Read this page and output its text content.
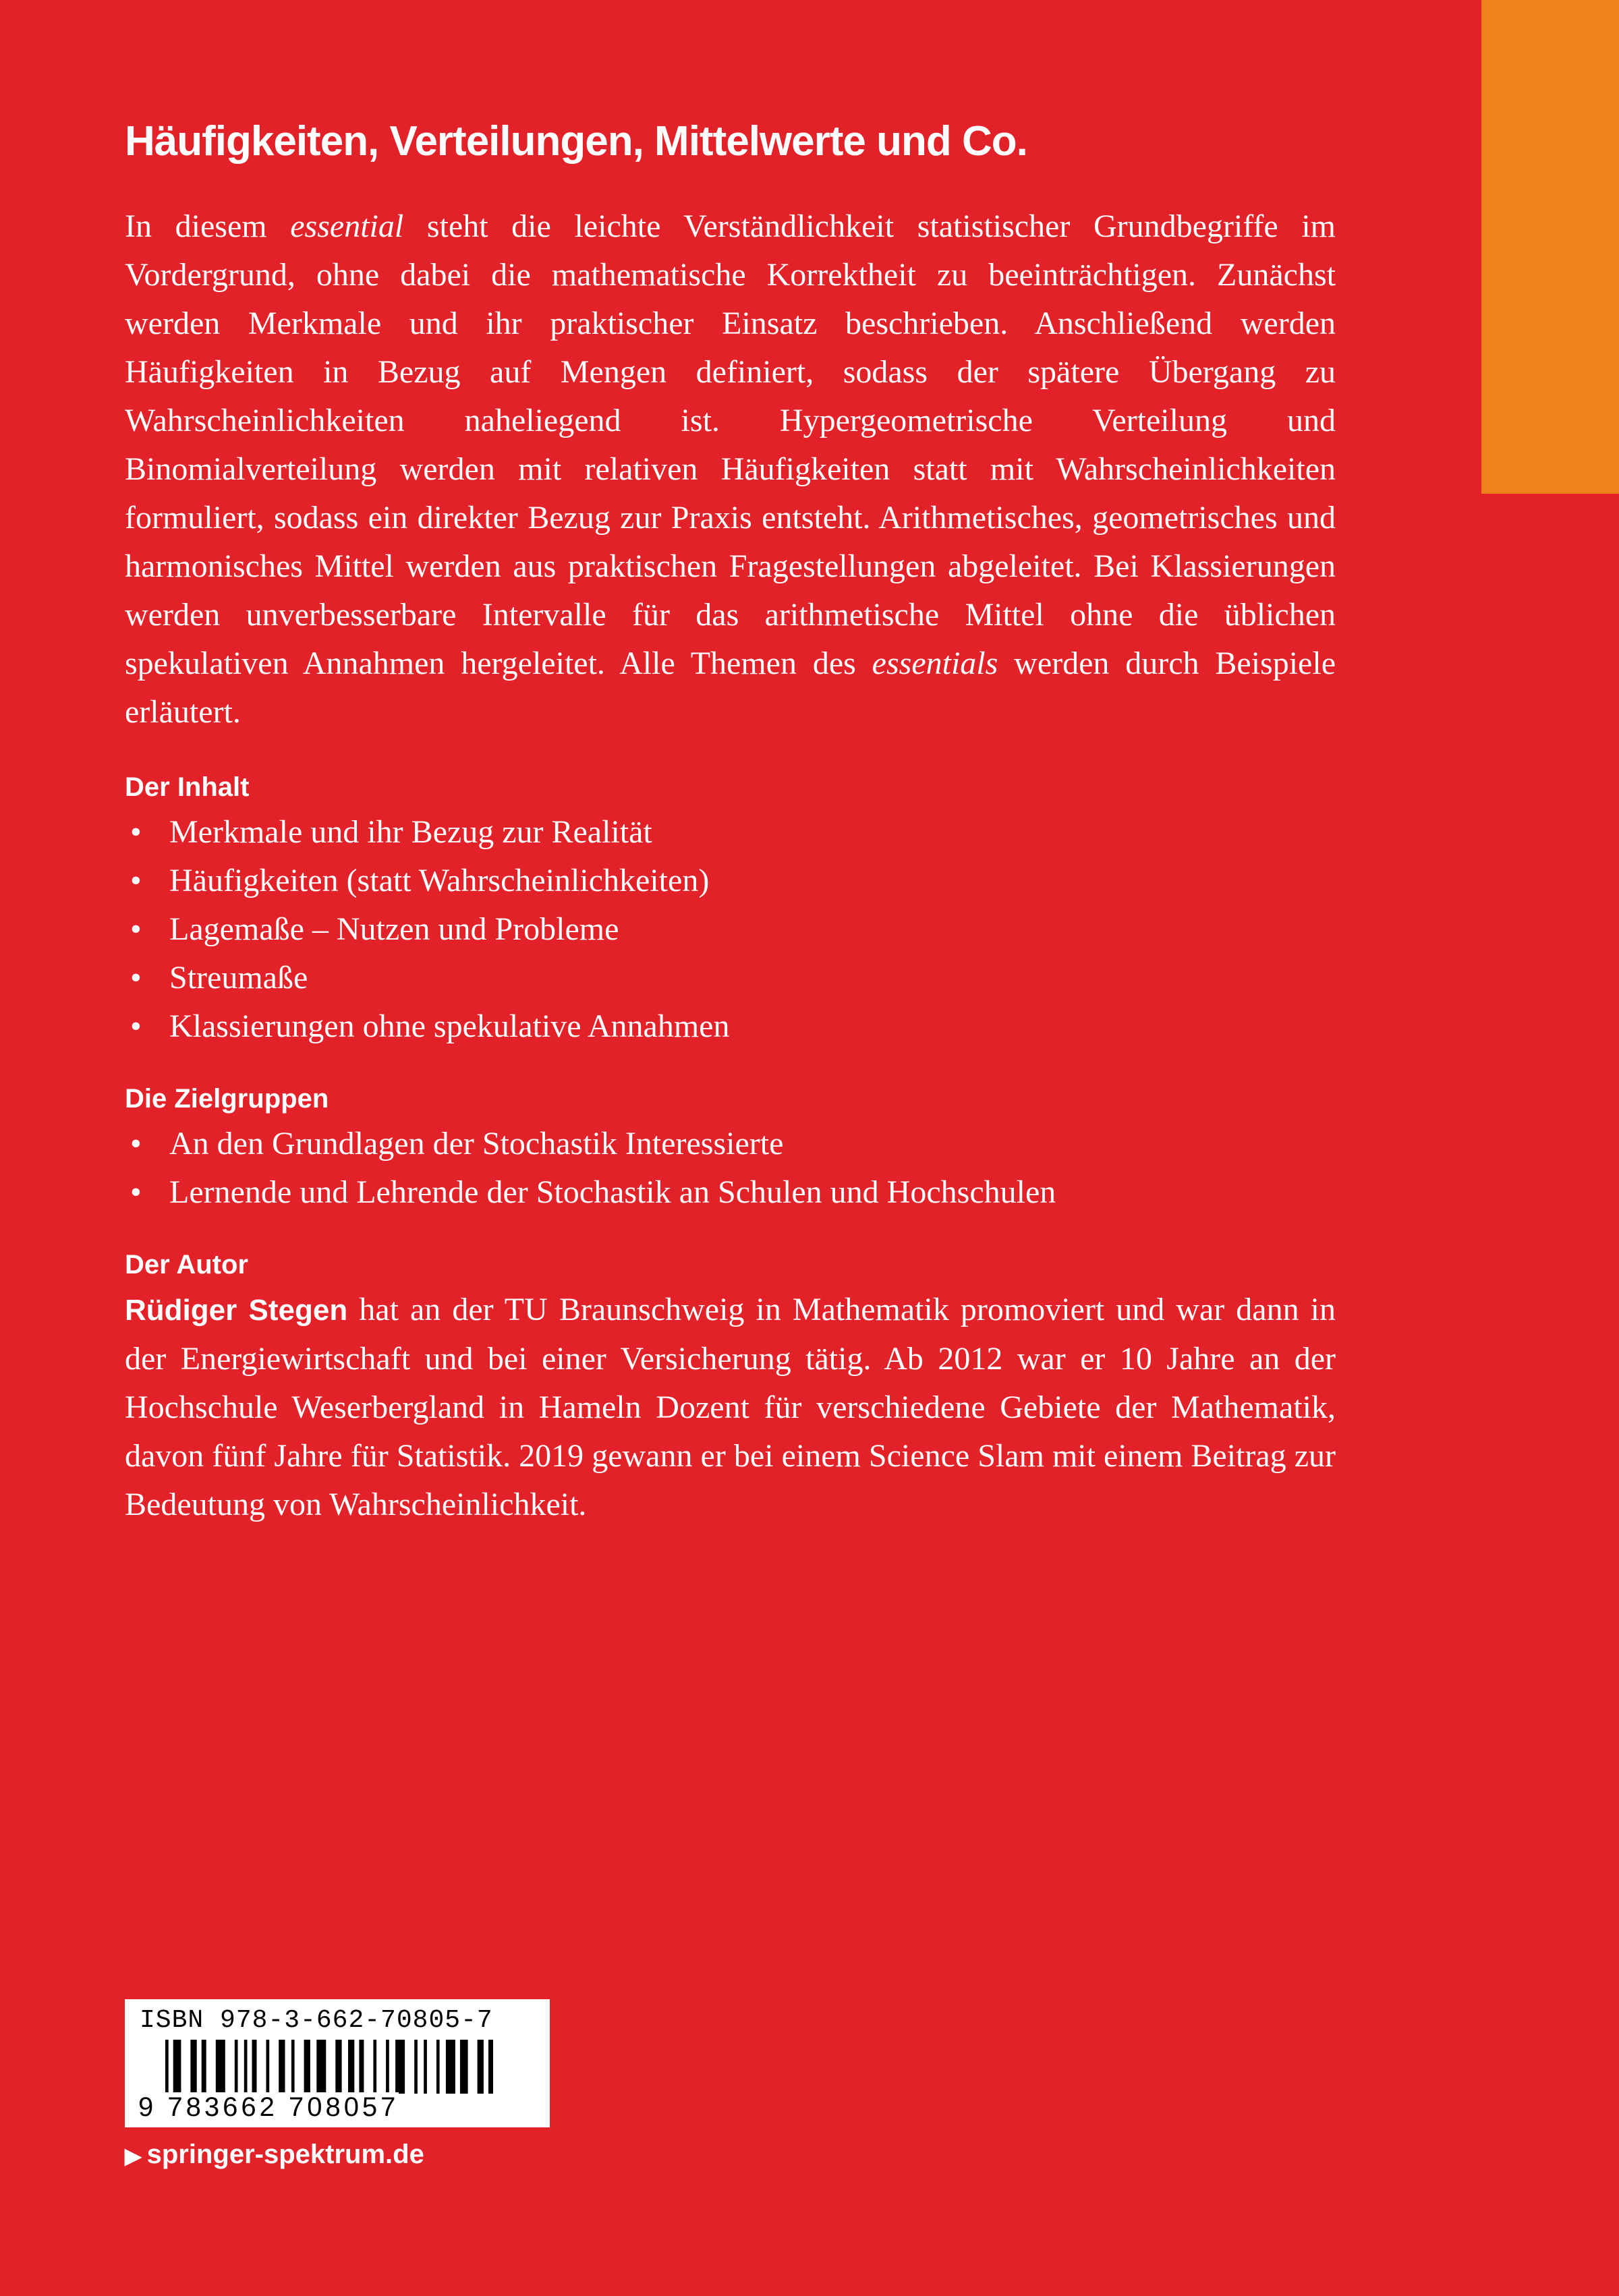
Häufigkeiten, Verteilungen, Mittelwerte und Co.

In diesem essential steht die leichte Verständlichkeit statistischer Grundbegriffe im Vordergrund, ohne dabei die mathematische Korrektheit zu beeinträchtigen. Zunächst werden Merkmale und ihr praktischer Einsatz beschrieben. Anschließend werden Häufigkeiten in Bezug auf Mengen definiert, sodass der spätere Übergang zu Wahrscheinlichkeiten naheliegend ist. Hypergeometrische Verteilung und Binomialverteilung werden mit relativen Häufigkeiten statt mit Wahrscheinlichkeiten formuliert, sodass ein direkter Bezug zur Praxis entsteht. Arithmetisches, geometrisches und harmonisches Mittel werden aus praktischen Fragestellungen abgeleitet. Bei Klassierungen werden unverbesserbare Intervalle für das arithmetische Mittel ohne die üblichen spekulativen Annahmen hergeleitet. Alle Themen des essentials werden durch Beispiele erläutert.

Der Inhalt
• Merkmale und ihr Bezug zur Realität
• Häufigkeiten (statt Wahrscheinlichkeiten)
• Lagemaße – Nutzen und Probleme
• Streumaße
• Klassierungen ohne spekulative Annahmen
Die Zielgruppen
• An den Grundlagen der Stochastik Interessierte
• Lernende und Lehrende der Stochastik an Schulen und Hochschulen
Der Autor

Rüdiger Stegen hat an der TU Braunschweig in Mathematik promoviert und war dann in der Energiewirtschaft und bei einer Versicherung tätig. Ab 2012 war er 10 Jahre an der Hochschule Weserbergland in Hameln Dozent für verschiedene Gebiete der Mathematik, davon fünf Jahre für Statistik. 2019 gewann er bei einem Science Slam mit einem Beitrag zur Bedeutung von Wahrscheinlichkeit.

ISBN 978-3-662-70805-7
9 783662 708057
▶ springer-spektrum.de
